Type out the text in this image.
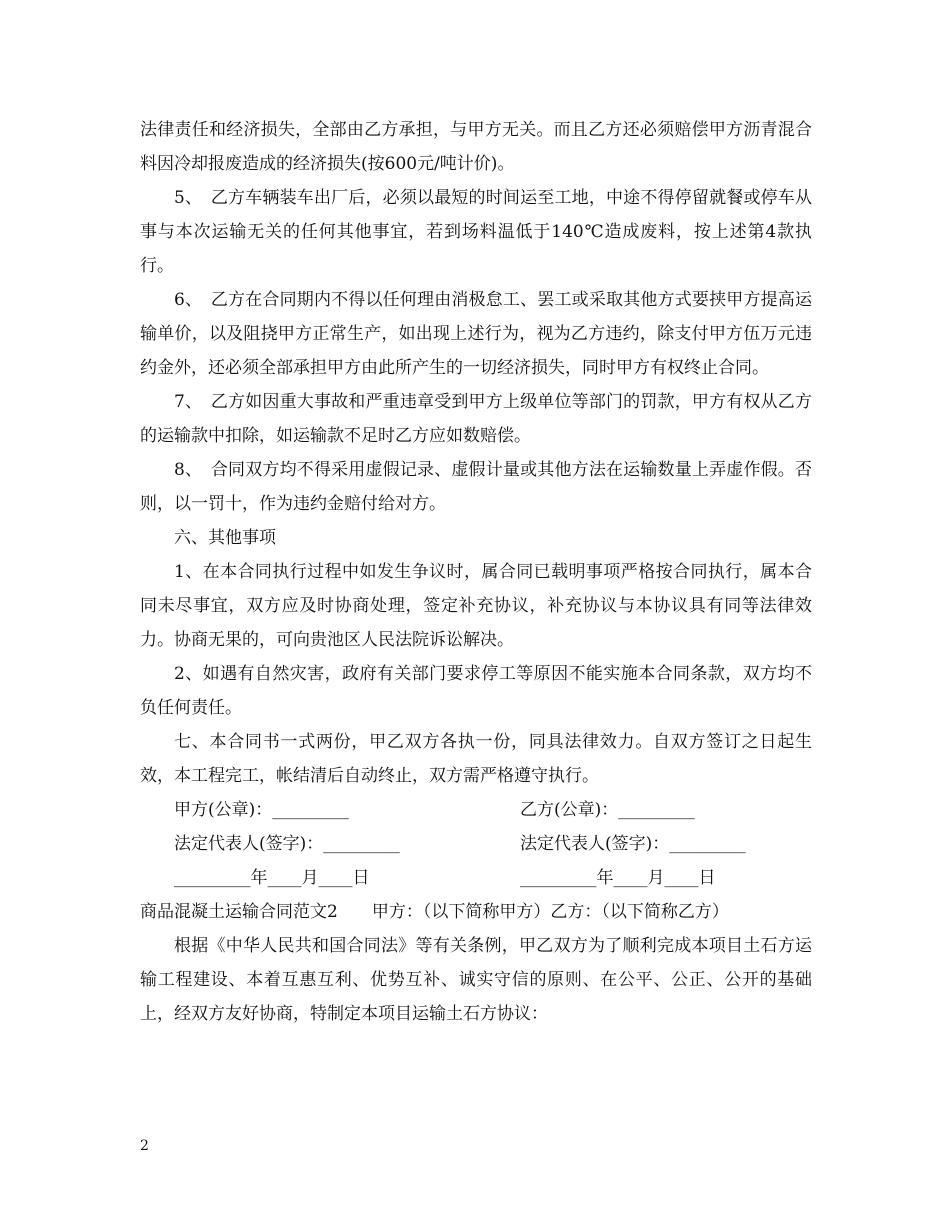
法律责任和经济损失，全部由乙方承担，与甲方无关。而且乙方还必须赔偿甲方沥青混合料因冷却报废造成的经济损失(按600元/吨计价)。

5、　乙方车辆装车出厂后，必须以最短的时间运至工地，中途不得停留就餐或停车从事与本次运输无关的任何其他事宜，若到场料温低于140℃造成废料，按上述第4款执行。

6、　乙方在合同期内不得以任何理由消极怠工、罢工或采取其他方式要挟甲方提高运输单价，以及阻挠甲方正常生产，如出现上述行为，视为乙方违约，除支付甲方伍万元违约金外，还必须全部承担甲方由此所产生的一切经济损失，同时甲方有权终止合同。

7、　乙方如因重大事故和严重违章受到甲方上级单位等部门的罚款，甲方有权从乙方的运输款中扣除，如运输款不足时乙方应如数赔偿。

8、　合同双方均不得采用虚假记录、虚假计量或其他方法在运输数量上弄虚作假。否则，以一罚十，作为违约金赔付给对方。

六、其他事项

1、在本合同执行过程中如发生争议时，属合同已载明事项严格按合同执行，属本合同未尽事宜，双方应及时协商处理，签定补充协议，补充协议与本协议具有同等法律效力。协商无果的，可向贵池区人民法院诉讼解决。

2、如遇有自然灾害，政府有关部门要求停工等原因不能实施本合同条款，双方均不负任何责任。

七、本合同书一式两份，甲乙双方各执一份，同具法律效力。自双方签订之日起生效，本工程完工，帐结清后自动终止，双方需严格遵守执行。

甲方(公章)：_________	乙方(公章)：_________
法定代表人(签字)：_________	法定代表人(签字)：_________
_________年____月____日	_________年____月____日

商品混凝土运输合同范文2　　甲方：（以下简称甲方）乙方：（以下简称乙方）

根据《中华人民共和国合同法》等有关条例，甲乙双方为了顺利完成本项目土石方运输工程建设、本着互惠互利、优势互补、诚实守信的原则、在公平、公正、公开的基础上，经双方友好协商，特制定本项目运输土石方协议：

2
